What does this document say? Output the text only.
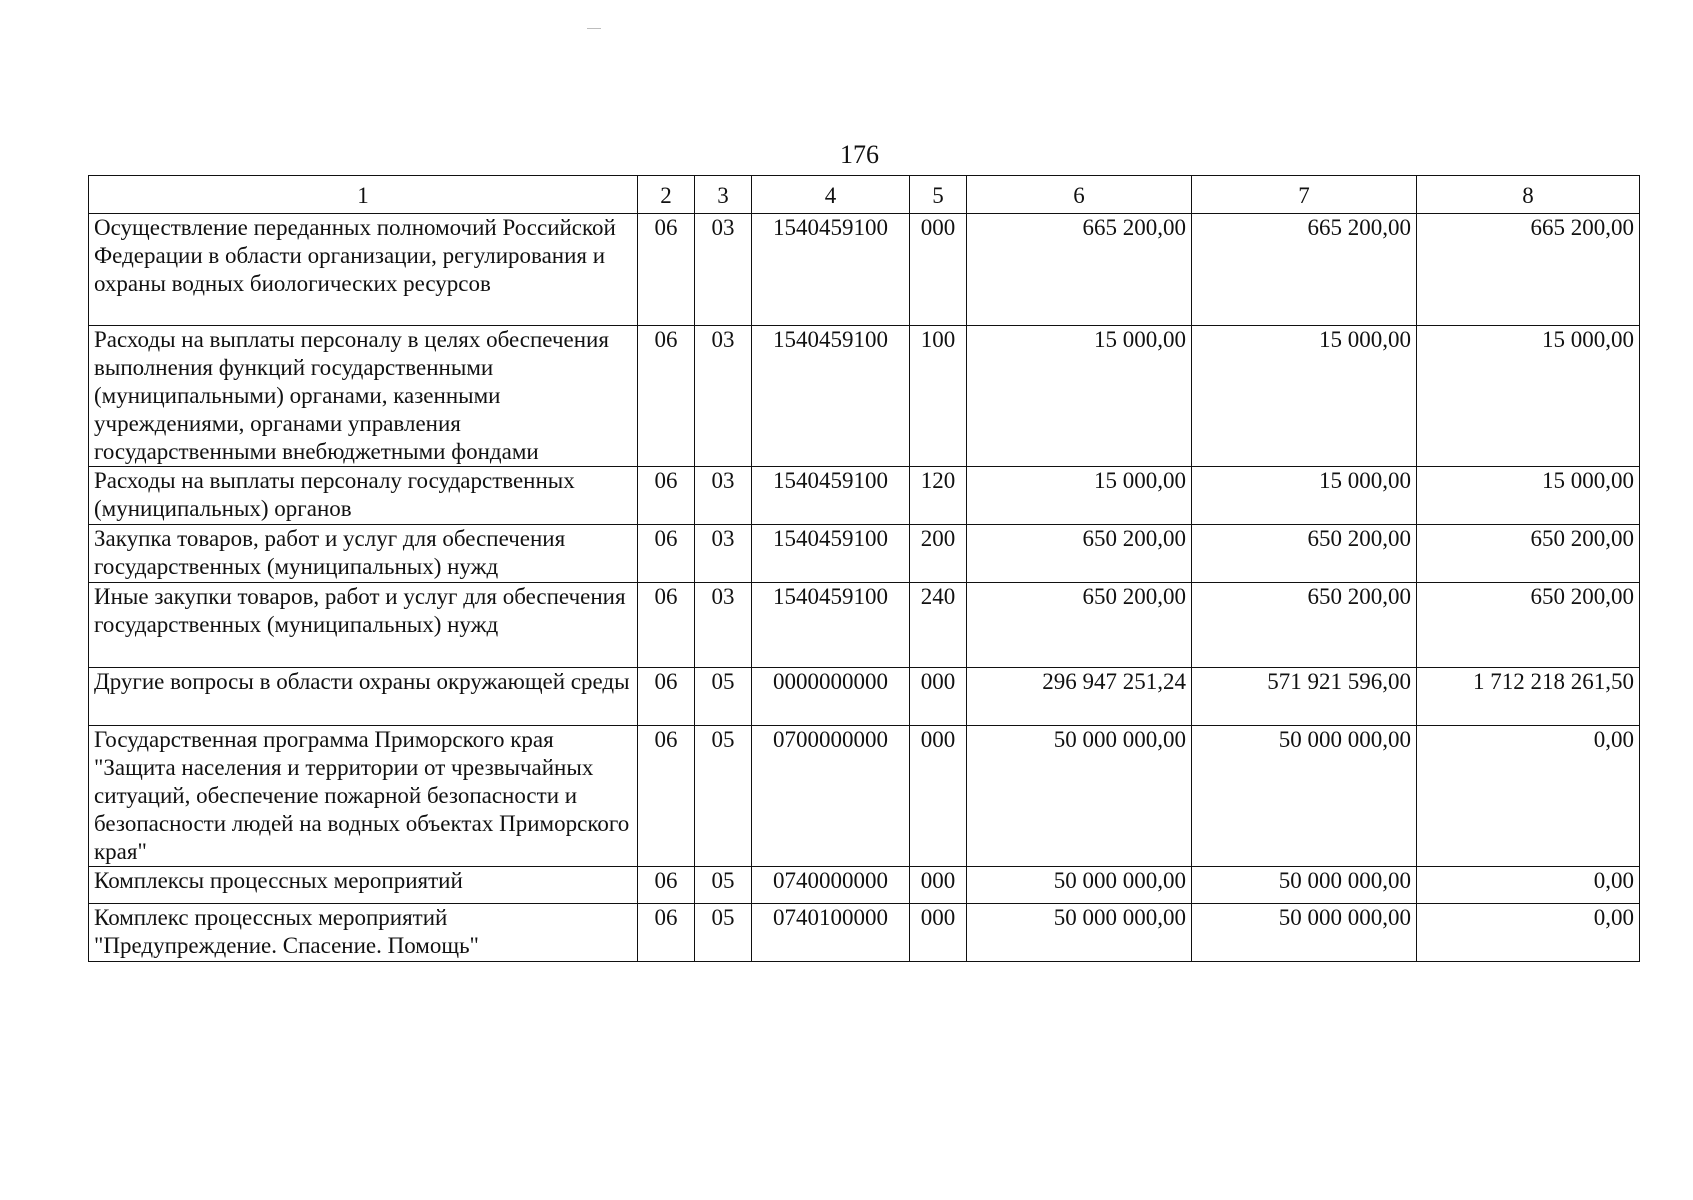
176
1	2	3	4	5	6	7	8
Осуществление переданных полномочий Российской Федерации в области организации, регулирования и охраны водных биологических ресурсов	06	03	1540459100	000	665 200,00	665 200,00	665 200,00
Расходы на выплаты персоналу в целях обеспечения выполнения функций государственными (муниципальными) органами, казенными учреждениями, органами управления государственными внебюджетными фондами	06	03	1540459100	100	15 000,00	15 000,00	15 000,00
Расходы на выплаты персоналу государственных (муниципальных) органов	06	03	1540459100	120	15 000,00	15 000,00	15 000,00
Закупка товаров, работ и услуг для обеспечения государственных (муниципальных) нужд	06	03	1540459100	200	650 200,00	650 200,00	650 200,00
Иные закупки товаров, работ и услуг для обеспечения государственных (муниципальных) нужд	06	03	1540459100	240	650 200,00	650 200,00	650 200,00
Другие вопросы в области охраны окружающей среды	06	05	0000000000	000	296 947 251,24	571 921 596,00	1 712 218 261,50
Государственная программа Приморского края "Защита населения и территории от чрезвычайных ситуаций, обеспечение пожарной безопасности и безопасности людей на водных объектах Приморского края"	06	05	0700000000	000	50 000 000,00	50 000 000,00	0,00
Комплексы процессных мероприятий	06	05	0740000000	000	50 000 000,00	50 000 000,00	0,00
Комплекс процессных мероприятий "Предупреждение. Спасение. Помощь"	06	05	0740100000	000	50 000 000,00	50 000 000,00	0,00
